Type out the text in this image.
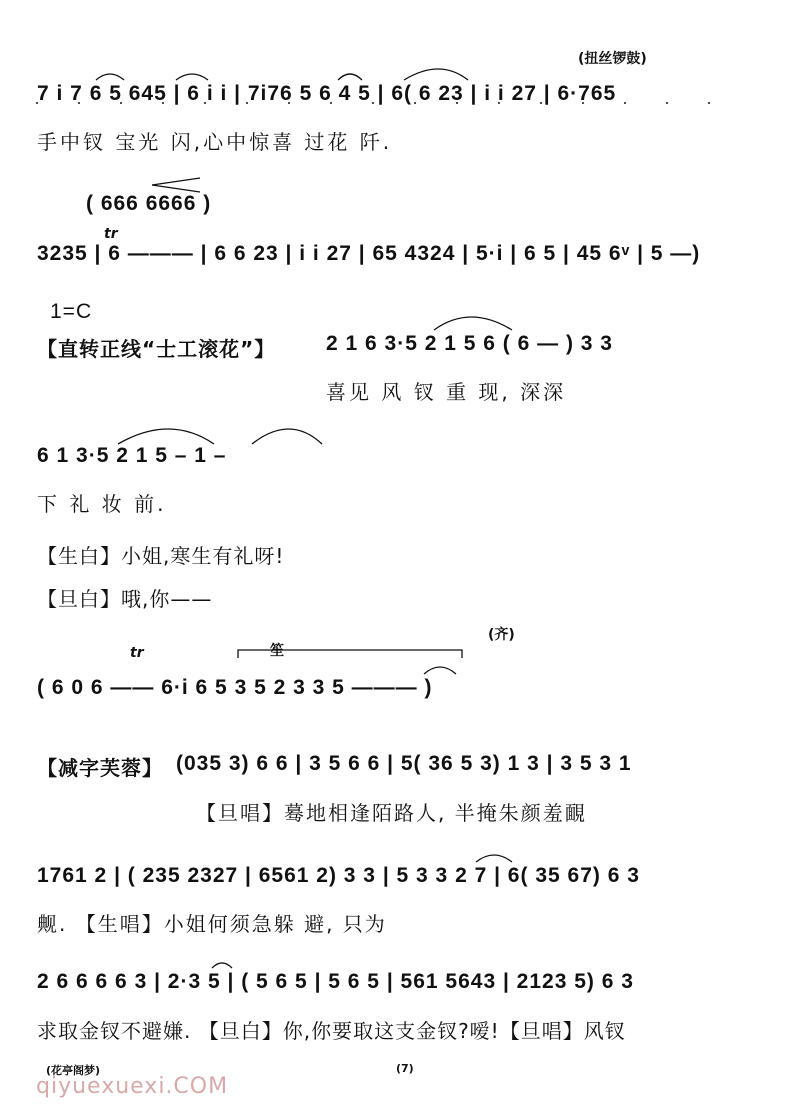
(扭丝锣鼓)
7 i 7 6 5 645 | 6 i i | 7i76 5 6 4 5 | 6( 6 23 | i i 27 | 6·765
手中钗 宝光 闪,心中惊喜 过花 阡.
( 666 6666 )
tr
3235 | 6 ——— | 6 6 23 | i i 27 | 65 4324 | 5·i | 6 5 | 45 6ᵛ | 5 —)
1=C
【直转正线“士工滚花”】 2 1 6 3·5 2 1 5 6 ( 6 — ) 3 3
喜见 风 钗 重 现, 深深
6 1 3·5 2 1 5 – 1 –
下 礼 妆 前.
【生白】小姐,寒生有礼呀!
【旦白】哦,你——
笙
(齐)
tr
( 6 0 6 —— 6·i 6 5 3 5 2 3 3 5 ——— )
【减字芙蓉】 (035 3) 6 6 | 3 5 6 6 | 5( 36 5 3) 1 3 | 3 5 3 1
【旦唱】蓦地相逢陌路人, 半掩朱颜羞靦
1761 2 | ( 235 2327 | 6561 2) 3 3 | 5 3 3 2 7 | 6( 35 67) 6 3
觍. 【生唱】小姐何须急躲 避, 只为
2 6 6 6 6 3 | 2·3 5 | ( 5 6 5 | 5 6 5 | 561 5643 | 2123 5) 6 3
求取金钗不避嫌. 【旦白】你,你要取这支金钗?嗳!【旦唱】风钗
(花亭阁梦)	(7)
qiyuexuexi.COM
